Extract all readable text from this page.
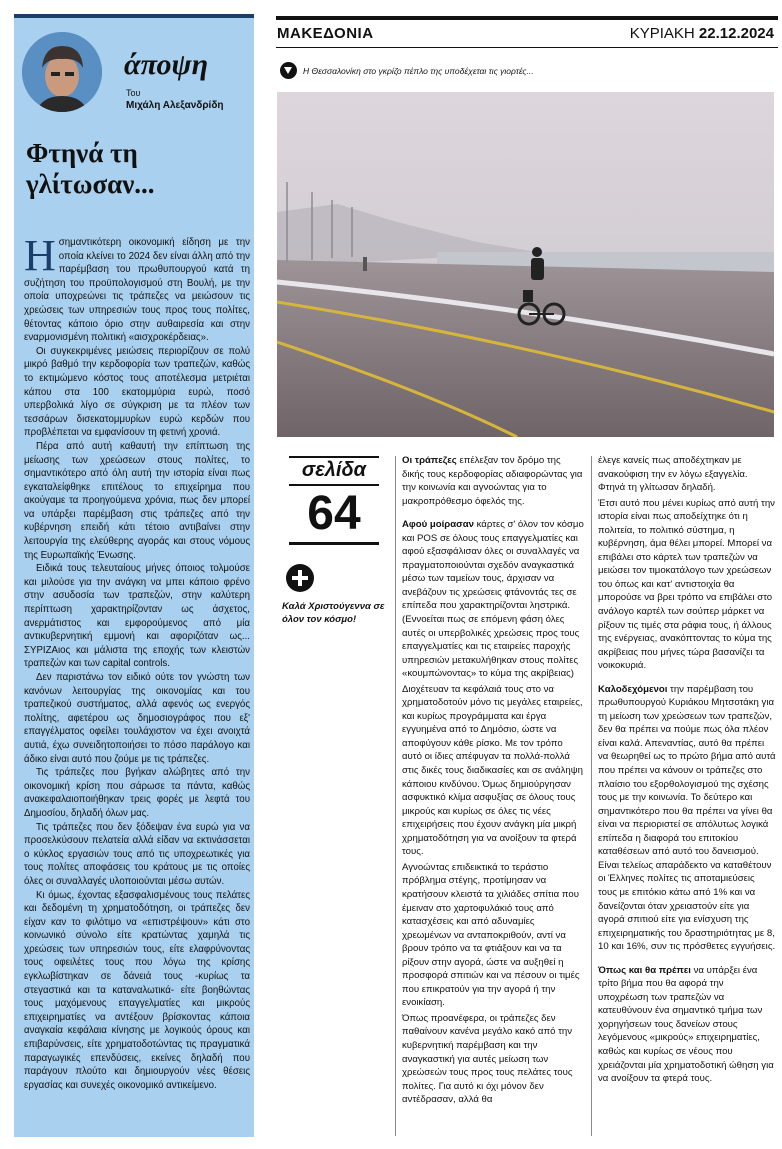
άποψη
Του
Μιχάλη Αλεξανδρίδη
Φτηνά τη γλίτωσαν...

Ησημαντικότερη οικονομική είδηση με την οποία κλείνει το 2024 δεν είναι άλλη από την παρέμβαση του πρωθυπουργού κατά τη συζήτηση του προϋπολογισμού στη Βουλή, με την οποία υποχρεώνει τις τράπεζες να μειώσουν τις χρεώσεις των υπηρεσιών τους προς τους πολίτες, θέτοντας κάποιο όριο στην αυθαιρεσία και στην εναρμονισμένη πολιτική «αισχροκέρδειας».

Οι συγκεκριμένες μειώσεις περιορίζουν σε πολύ μικρό βαθμό την κερδοφορία των τραπεζών, καθώς το εκτιμώμενο κόστος τους αποτέλεσμα μετριέται κάπου στα 100 εκατομμύρια ευρώ, ποσό υπερβολικά λίγο σε σύγκριση με τα πλέον των τεσσάρων δισεκατομμυρίων ευρώ κερδών που προβλέπεται να εμφανίσουν τη φετινή χρονιά.

Πέρα από αυτή καθαυτή την επίπτωση της μείωσης των χρεώσεων στους πολίτες, το σημαντικότερο από όλη αυτή την ιστορία είναι πως εγκαταλείφθηκε επιτέλους το επιχείρημα που ακούγαμε τα προηγούμενα χρόνια, πως δεν μπορεί να υπάρξει παρέμβαση στις τράπεζες από την κυβέρνηση επειδή κάτι τέτοιο αντιβαίνει στην λειτουργία της ελεύθερης αγοράς και στους νόμους της Ευρωπαϊκής Ένωσης.

Ειδικά τους τελευταίους μήνες όποιος τολμούσε και μιλούσε για την ανάγκη να μπει κάποιο φρένο στην ασυδοσία των τραπεζών, στην καλύτερη περίπτωση χαρακτηρίζονταν ως άσχετος, ανερμάτιστος και εμφορούμενος από μία αντικυβερνητική εμμονή και αφοριζόταν ως... ΣΥΡΙΖΑιος και μάλιστα της εποχής των κλειστών τραπεζών και των capital controls.

Δεν παριστάνω τον ειδικό ούτε τον γνώστη των κανόνων λειτουργίας της οικονομίας και του τραπεζικού συστήματος, αλλά αφενός ως ενεργός πολίτης, αφετέρου ως δημοσιογράφος που εξ' επαγγέλματος οφείλει τουλάχιστον να έχει ανοιχτά αυτιά, έχω συνειδητοποιήσει το πόσο παράλογο και άδικο είναι αυτό που ζούμε με τις τράπεζες.

Τις τράπεζες που βγήκαν αλώβητες από την οικονομική κρίση που σάρωσε τα πάντα, καθώς ανακεφαλαιοποιήθηκαν τρεις φορές με λεφτά του Δημοσίου, δηλαδή όλων μας.

Τις τράπεζες που δεν ξόδεψαν ένα ευρώ για να προσελκύσουν πελατεία αλλά είδαν να εκτινάσσεται ο κύκλος εργασιών τους από τις υποχρεωτικές για τους πολίτες αποφάσεις του κράτους με τις οποίες όλες οι συναλλαγές υλοποιούνται μέσω αυτών.

Κι όμως, έχοντας εξασφαλισμένους τους πελάτες και δεδομένη τη χρηματοδότηση, οι τράπεζες δεν είχαν καν το φιλότιμο να «επιστρέψουν» κάτι στο κοινωνικό σύνολο είτε κρατώντας χαμηλά τις χρεώσεις των υπηρεσιών τους, είτε ελαφρύνοντας τους οφειλέτες τους που λόγω της κρίσης εγκλωβίστηκαν σε δάνειά τους -κυρίως τα στεγαστικά και τα καταναλωτικά- είτε βοηθώντας τους μαχόμενους επαγγελματίες και μικρούς επιχειρηματίες να αντέξουν βρίσκοντας κάποια αναγκαία κεφάλαια κίνησης με λογικούς όρους και επιβαρύνσεις, είτε χρηματοδοτώντας τις πραγματικά παραγωγικές επενδύσεις, εκείνες δηλαδή που παράγουν πλούτο και δημιουργούν νέες θέσεις εργασίας και συνεχές οικονομικό αντικείμενο.

ΜΑΚΕΔΟΝΙΑ	ΚΥΡΙΑΚΗ 22.12.2024
Η Θεσσαλονίκη στο γκρίζο πέπλο της υποδέχεται τις γιορτές...
σελίδα
64
Καλά Χριστούγεννα σε όλον τον κόσμο!

Οι τράπεζες επέλεξαν τον δρόμο της δικής τους κερδοφορίας αδιαφορώντας για την κοινωνία και αγνοώντας για το μακροπρόθεσμο όφελός της.

Αφού μοίρασαν κάρτες σ' όλον τον κόσμο και POS σε όλους τους επαγγελματίες και αφού εξασφάλισαν όλες οι συναλλαγές να πραγματοποιούνται σχεδόν αναγκαστικά μέσω των ταμείων τους, άρχισαν να ανεβάζουν τις χρεώσεις φτάνοντάς τες σε επίπεδα που χαρακτηρίζονται ληστρικά. (Εννοείται πως σε επόμενη φάση όλες αυτές οι υπερβολικές χρεώσεις προς τους επαγγελματίες και τις εταιρείες παροχής υπηρεσιών μετακυλήθηκαν στους πολίτες «κουμπώνοντας» το κύμα της ακρίβειας)

Διοχέτευαν τα κεφάλαιά τους στο να χρηματοδοτούν μόνο τις μεγάλες εταιρείες, και κυρίως προγράμματα και έργα εγγυημένα από το Δημόσιο, ώστε να αποφύγουν κάθε ρίσκο. Με τον τρόπο αυτό οι ίδιες απέφυγαν τα πολλά-πολλά στις δικές τους διαδικασίες και σε ανάληψη κάποιου κινδύνου. Όμως δημιούργησαν ασφυκτικό κλίμα ασφυξίας σε όλους τους μικρούς και κυρίως σε όλες τις νέες επιχειρήσεις που έχουν ανάγκη μία μικρή χρηματοδότηση για να ανοίξουν τα φτερά τους.

Αγνοώντας επιδεικτικά το τεράστιο πρόβλημα στέγης, προτίμησαν να κρατήσουν κλειστά τα χιλιάδες σπίτια που έμειναν στο χαρτοφυλάκιό τους από κατασχέσεις και από αδυναμίες χρεωμένων να ανταποκριθούν, αντί να βρουν τρόπο να τα φτιάξουν και να τα ρίξουν στην αγορά, ώστε να αυξηθεί η προσφορά σπιτιών και να πέσουν οι τιμές που επικρατούν για την αγορά ή την ενοικίαση.

Όπως προανέφερα, οι τράπεζες δεν παθαίνουν κανένα μεγάλο κακό από την κυβερνητική παρέμβαση και την αναγκαστική για αυτές μείωση των χρεώσεών τους προς τους πελάτες τους πολίτες. Για αυτό κι όχι μόνον δεν αντέδρασαν, αλλά θα

έλεγε κανείς πως αποδέχτηκαν με ανακούφιση την εν λόγω εξαγγελία. Φτηνά τη γλίτωσαν δηλαδή.

Έτσι αυτό που μένει κυρίως από αυτή την ιστορία είναι πως αποδείχτηκε ότι η πολιτεία, το πολιτικό σύστημα, η κυβέρνηση, άμα θέλει μπορεί. Μπορεί να επιβάλει στο κάρτελ των τραπεζών να μειώσει τον τιμοκατάλογο των χρεώσεων του όπως και κατ' αντιστοιχία θα μπορούσε να βρει τρόπο να επιβάλει στο ανάλογο καρτέλ των σούπερ μάρκετ να ρίξουν τις τιμές στα ράφια τους, ή άλλους της ενέργειας, ανακόπτοντας το κύμα της ακρίβειας που μήνες τώρα βασανίζει τα νοικοκυριά.

Καλοδεχόμενοι την παρέμβαση του πρωθυπουργού Κυριάκου Μητσοτάκη για τη μείωση των χρεώσεων των τραπεζών, δεν θα πρέπει να πούμε πως όλα πλέον είναι καλά. Απεναντίας, αυτό θα πρέπει να θεωρηθεί ως το πρώτο βήμα από αυτά που πρέπει να κάνουν οι τράπεζες στο πλαίσιο του εξορθολογισμού της σχέσης τους με την κοινωνία. Το δεύτερο και σημαντικότερο που θα πρέπει να γίνει θα είναι να περιοριστεί σε απόλυτως λογικά επίπεδα η διαφορά του επιτοκίου καταθέσεων από αυτό του δανεισμού. Είναι τελείως απαράδεκτο να καταθέτουν οι Έλληνες πολίτες τις αποταμιεύσεις τους με επιτόκιο κάτω από 1% και να δανείζονται όταν χρειαστούν είτε για αγορά σπιτιού είτε για ενίσχυση της επιχειρηματικής του δραστηριότητας με 8, 10 και 16%, συν τις πρόσθετες εγγυήσεις.

Όπως και θα πρέπει να υπάρξει ένα τρίτο βήμα που θα αφορά την υποχρέωση των τραπεζών να κατευθύνουν ένα σημαντικό τμήμα των χορηγήσεων τους δανείων στους λεγόμενους «μικρούς» επιχειρηματίες, καθώς και κυρίως σε νέους που χρειάζονται μία χρηματοδοτική ώθηση για να ανοίξουν τα φτερά τους.
